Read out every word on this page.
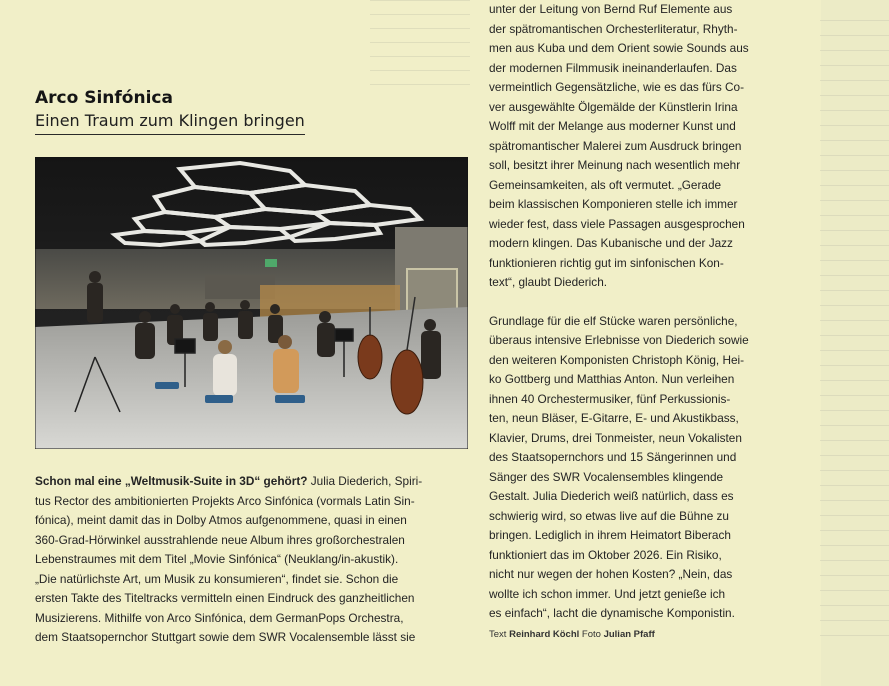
Arco Sinfónica
Einen Traum zum Klingen bringen
Schon mal eine „Weltmusik-Suite in 3D“ gehört? Julia Diederich, Spiri-
tus Rector des ambitionierten Projekts Arco Sinfónica (vormals Latin Sin-
fónica), meint damit das in Dolby Atmos aufgenommene, quasi in einen
360-Grad-Hörwinkel ausstrahlende neue Album ihres großorchestralen
Lebenstraumes mit dem Titel „Movie Sinfónica“ (Neuklang/in-akustik).
„Die natürlichste Art, um Musik zu konsumieren“, findet sie. Schon die
ersten Takte des Titeltracks vermitteln einen Eindruck des ganzheitlichen
Musizierens. Mithilfe von Arco Sinfónica, dem GermanPops Orchestra,
dem Staatsopernchor Stuttgart sowie dem SWR Vocalensemble lässt sie
unter der Leitung von Bernd Ruf Elemente aus
der spätromantischen Orchesterliteratur, Rhyth-
men aus Kuba und dem Orient sowie Sounds aus
der modernen Filmmusik ineinanderlaufen. Das
vermeintlich Gegensätzliche, wie es das fürs Co-
ver ausgewählte Ölgemälde der Künstlerin Irina
Wolff mit der Melange aus moderner Kunst und
spätromantischer Malerei zum Ausdruck bringen
soll, besitzt ihrer Meinung nach wesentlich mehr
Gemeinsamkeiten, als oft vermutet. „Gerade
beim klassischen Komponieren stelle ich immer
wieder fest, dass viele Passagen ausgesprochen
modern klingen. Das Kubanische und der Jazz
funktionieren richtig gut im sinfonischen Kon-
text“, glaubt Diederich.
Grundlage für die elf Stücke waren persönliche,
überaus intensive Erlebnisse von Diederich sowie
den weiteren Komponisten Christoph König, Hei-
ko Gottberg und Matthias Anton. Nun verleihen
ihnen 40 Orchestermusiker, fünf Perkussionis-
ten, neun Bläser, E-Gitarre, E- und Akustikbass,
Klavier, Drums, drei Tonmeister, neun Vokalisten
des Staatsopernchors und 15 Sängerinnen und
Sänger des SWR Vocalensembles klingende
Gestalt. Julia Diederich weiß natürlich, dass es
schwierig wird, so etwas live auf die Bühne zu
bringen. Lediglich in ihrem Heimatort Biberach
funktioniert das im Oktober 2026. Ein Risiko,
nicht nur wegen der hohen Kosten? „Nein, das
wollte ich schon immer. Und jetzt genieße ich
es einfach“, lacht die dynamische Komponistin.
Text Reinhard Köchl Foto Julian Pfaff
